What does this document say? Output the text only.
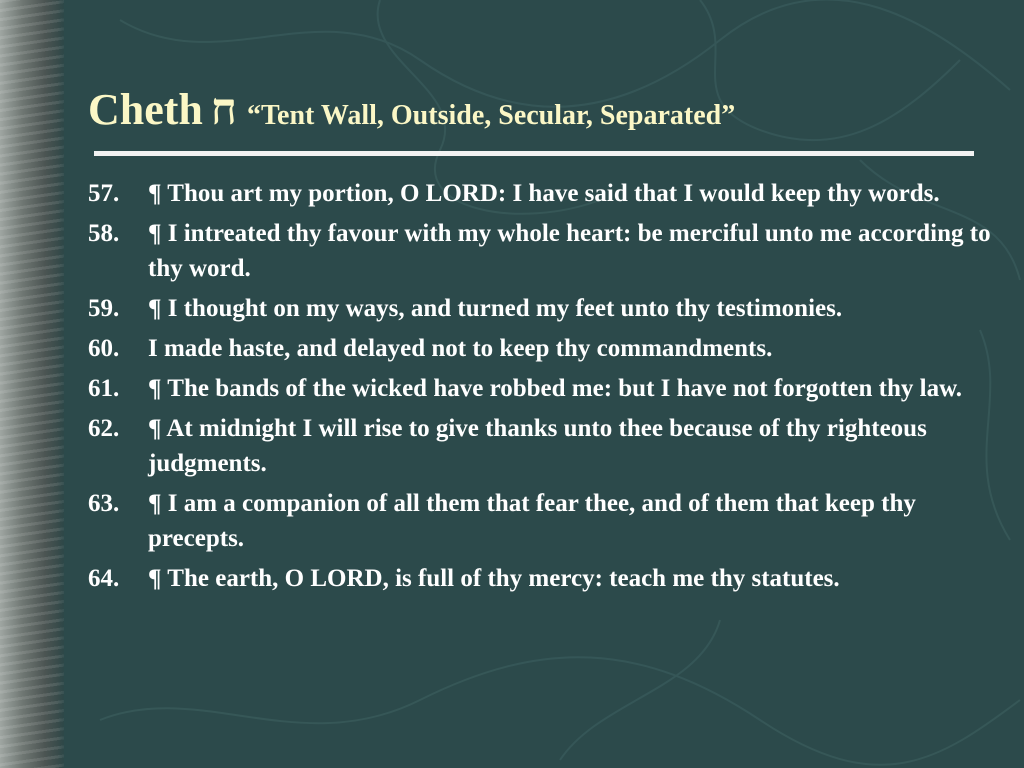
Cheth ח “Tent Wall, Outside, Secular, Separated”
57.	¶ Thou art my portion, O LORD: I have said that I would keep thy words.
58.	¶ I intreated thy favour with my whole heart: be merciful unto me according to thy word.
59.	¶ I thought on my ways, and turned my feet unto thy testimonies.
60.	I made haste, and delayed not to keep thy commandments.
61.	¶ The bands of the wicked have robbed me: but I have not forgotten thy law.
62.	¶ At midnight I will rise to give thanks unto thee because of thy righteous judgments.
63.	¶ I am a companion of all them that fear thee, and of them that keep thy precepts.
64.	¶ The earth, O LORD, is full of thy mercy: teach me thy statutes.
